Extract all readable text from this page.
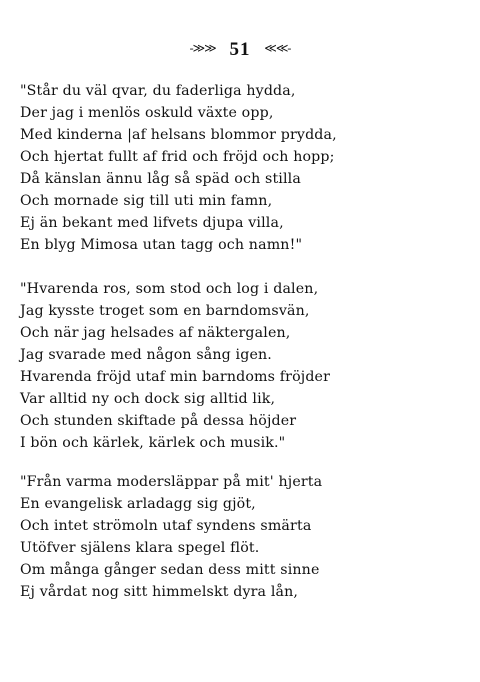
-≫≫ 51 ≪≪-
"Står du väl qvar, du faderliga hydda,
Der jag i menlös oskuld växte opp,
Med kinderna |af helsans blommor prydda,
Och hjertat fullt af frid och fröjd och hopp;
Då känslan ännu låg så späd och stilla
Och mornade sig till uti min famn,
Ej än bekant med lifvets djupa villa,
En blyg Mimosa utan tagg och namn!"
"Hvarenda ros, som stod och log i dalen,
Jag kysste troget som en barndomsvän,
Och när jag helsades af näktergalen,
Jag svarade med någon sång igen.
Hvarenda fröjd utaf min barndoms fröjder
Var alltid ny och dock sig alltid lik,
Och stunden skiftade på dessa höjder
I bön och kärlek, kärlek och musik."
"Från varma modersläppar på mit' hjerta
En evangelisk arladagg sig gjöt,
Och intet strömoln utaf syndens smärta
Utöfver själens klara spegel flöt.
Om många gånger sedan dess mitt sinne
Ej vårdat nog sitt himmelskt dyra lån,
